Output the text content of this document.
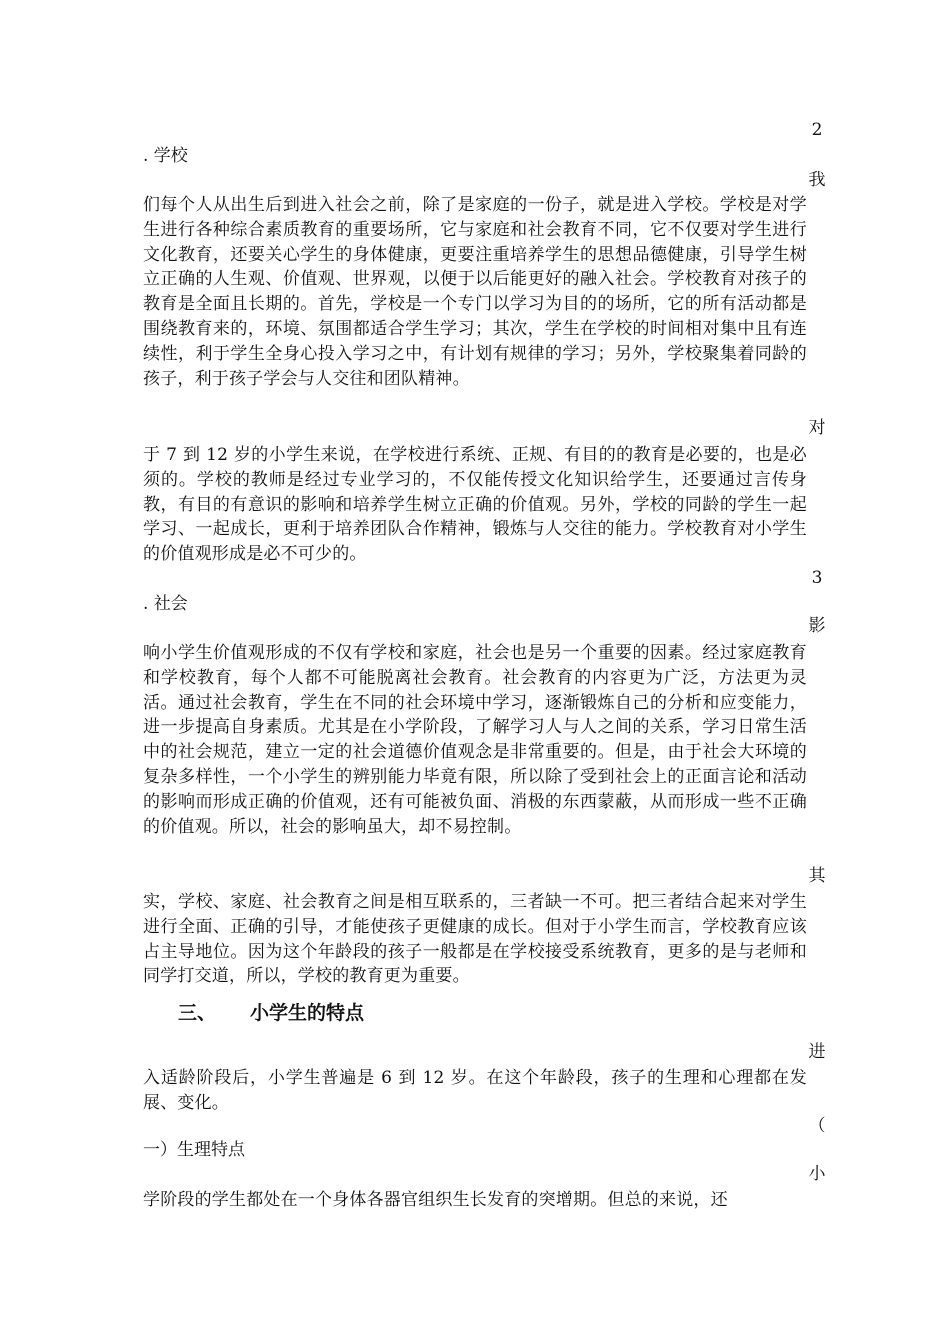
2
我
对
3
影
其
进
（
小
. 学校
. 社会
一）生理特点

们每个人从出生后到进入社会之前，除了是家庭的一份子，就是进入学校。学校是对学生进行各种综合素质教育的重要场所，它与家庭和社会教育不同，它不仅要对学生进行文化教育，还要关心学生的身体健康，更要注重培养学生的思想品德健康，引导学生树立正确的人生观、价值观、世界观，以便于以后能更好的融入社会。学校教育对孩子的教育是全面且长期的。首先，学校是一个专门以学习为目的的场所，它的所有活动都是围绕教育来的，环境、氛围都适合学生学习；其次，学生在学校的时间相对集中且有连续性，利于学生全身心投入学习之中，有计划有规律的学习；另外，学校聚集着同龄的孩子，利于孩子学会与人交往和团队精神。

于 7 到 12 岁的小学生来说，在学校进行系统、正规、有目的的教育是必要的，也是必须的。学校的教师是经过专业学习的，不仅能传授文化知识给学生，还要通过言传身教，有目的有意识的影响和培养学生树立正确的价值观。另外，学校的同龄的学生一起学习、一起成长，更利于培养团队合作精神，锻炼与人交往的能力。学校教育对小学生的价值观形成是必不可少的。

响小学生价值观形成的不仅有学校和家庭，社会也是另一个重要的因素。经过家庭教育和学校教育，每个人都不可能脱离社会教育。社会教育的内容更为广泛，方法更为灵活。通过社会教育，学生在不同的社会环境中学习，逐渐锻炼自己的分析和应变能力，进一步提高自身素质。尤其是在小学阶段，了解学习人与人之间的关系，学习日常生活中的社会规范，建立一定的社会道德价值观念是非常重要的。但是，由于社会大环境的复杂多样性，一个小学生的辨别能力毕竟有限，所以除了受到社会上的正面言论和活动的影响而形成正确的价值观，还有可能被负面、消极的东西蒙蔽，从而形成一些不正确的价值观。所以，社会的影响虽大，却不易控制。

实，学校、家庭、社会教育之间是相互联系的，三者缺一不可。把三者结合起来对学生进行全面、正确的引导，才能使孩子更健康的成长。但对于小学生而言，学校教育应该占主导地位。因为这个年龄段的孩子一般都是在学校接受系统教育，更多的是与老师和同学打交道，所以，学校的教育更为重要。

三、 小学生的特点

入适龄阶段后，小学生普遍是 6 到 12 岁。在这个年龄段，孩子的生理和心理都在发展、变化。

学阶段的学生都处在一个身体各器官组织生长发育的突增期。但总的来说，还
